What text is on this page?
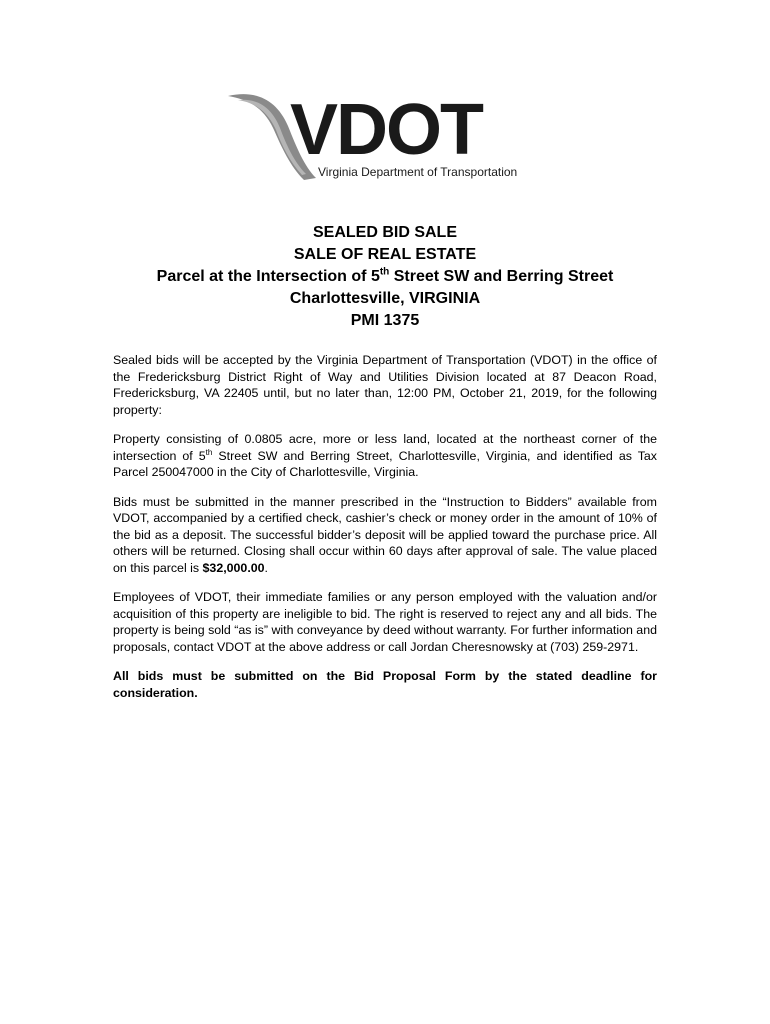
VDOT
Virginia Department of Transportation
SEALED BID SALE
SALE OF REAL ESTATE
Parcel at the Intersection of 5th Street SW and Berring Street
Charlottesville, VIRGINIA
PMI 1375

Sealed bids will be accepted by the Virginia Department of Transportation (VDOT) in the office of the Fredericksburg District Right of Way and Utilities Division located at 87 Deacon Road, Fredericksburg, VA 22405 until, but no later than, 12:00 PM, October 21, 2019, for the following property:

Property consisting of 0.0805 acre, more or less land, located at the northeast corner of the intersection of 5th Street SW and Berring Street, Charlottesville, Virginia, and identified as Tax Parcel 250047000 in the City of Charlottesville, Virginia.

Bids must be submitted in the manner prescribed in the “Instruction to Bidders” available from VDOT, accompanied by a certified check, cashier’s check or money order in the amount of 10% of the bid as a deposit. The successful bidder’s deposit will be applied toward the purchase price. All others will be returned. Closing shall occur within 60 days after approval of sale. The value placed on this parcel is $32,000.00.

Employees of VDOT, their immediate families or any person employed with the valuation and/or acquisition of this property are ineligible to bid. The right is reserved to reject any and all bids. The property is being sold “as is” with conveyance by deed without warranty. For further information and proposals, contact VDOT at the above address or call Jordan Cheresnowsky at (703) 259-2971.

All bids must be submitted on the Bid Proposal Form by the stated deadline for consideration.
